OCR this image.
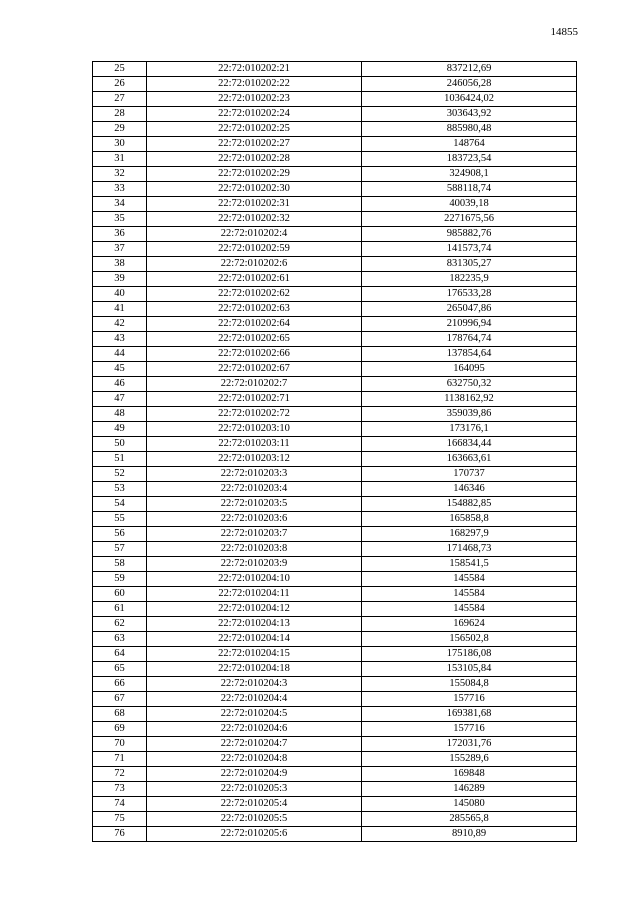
14855
25	22:72:010202:21	837212,69
26	22:72:010202:22	246056,28
27	22:72:010202:23	1036424,02
28	22:72:010202:24	303643,92
29	22:72:010202:25	885980,48
30	22:72:010202:27	148764
31	22:72:010202:28	183723,54
32	22:72:010202:29	324908,1
33	22:72:010202:30	588118,74
34	22:72:010202:31	40039,18
35	22:72:010202:32	2271675,56
36	22:72:010202:4	985882,76
37	22:72:010202:59	141573,74
38	22:72:010202:6	831305,27
39	22:72:010202:61	182235,9
40	22:72:010202:62	176533,28
41	22:72:010202:63	265047,86
42	22:72:010202:64	210996,94
43	22:72:010202:65	178764,74
44	22:72:010202:66	137854,64
45	22:72:010202:67	164095
46	22:72:010202:7	632750,32
47	22:72:010202:71	1138162,92
48	22:72:010202:72	359039,86
49	22:72:010203:10	173176,1
50	22:72:010203:11	166834,44
51	22:72:010203:12	163663,61
52	22:72:010203:3	170737
53	22:72:010203:4	146346
54	22:72:010203:5	154882,85
55	22:72:010203:6	165858,8
56	22:72:010203:7	168297,9
57	22:72:010203:8	171468,73
58	22:72:010203:9	158541,5
59	22:72:010204:10	145584
60	22:72:010204:11	145584
61	22:72:010204:12	145584
62	22:72:010204:13	169624
63	22:72:010204:14	156502,8
64	22:72:010204:15	175186,08
65	22:72:010204:18	153105,84
66	22:72:010204:3	155084,8
67	22:72:010204:4	157716
68	22:72:010204:5	169381,68
69	22:72:010204:6	157716
70	22:72:010204:7	172031,76
71	22:72:010204:8	155289,6
72	22:72:010204:9	169848
73	22:72:010205:3	146289
74	22:72:010205:4	145080
75	22:72:010205:5	285565,8
76	22:72:010205:6	8910,89
